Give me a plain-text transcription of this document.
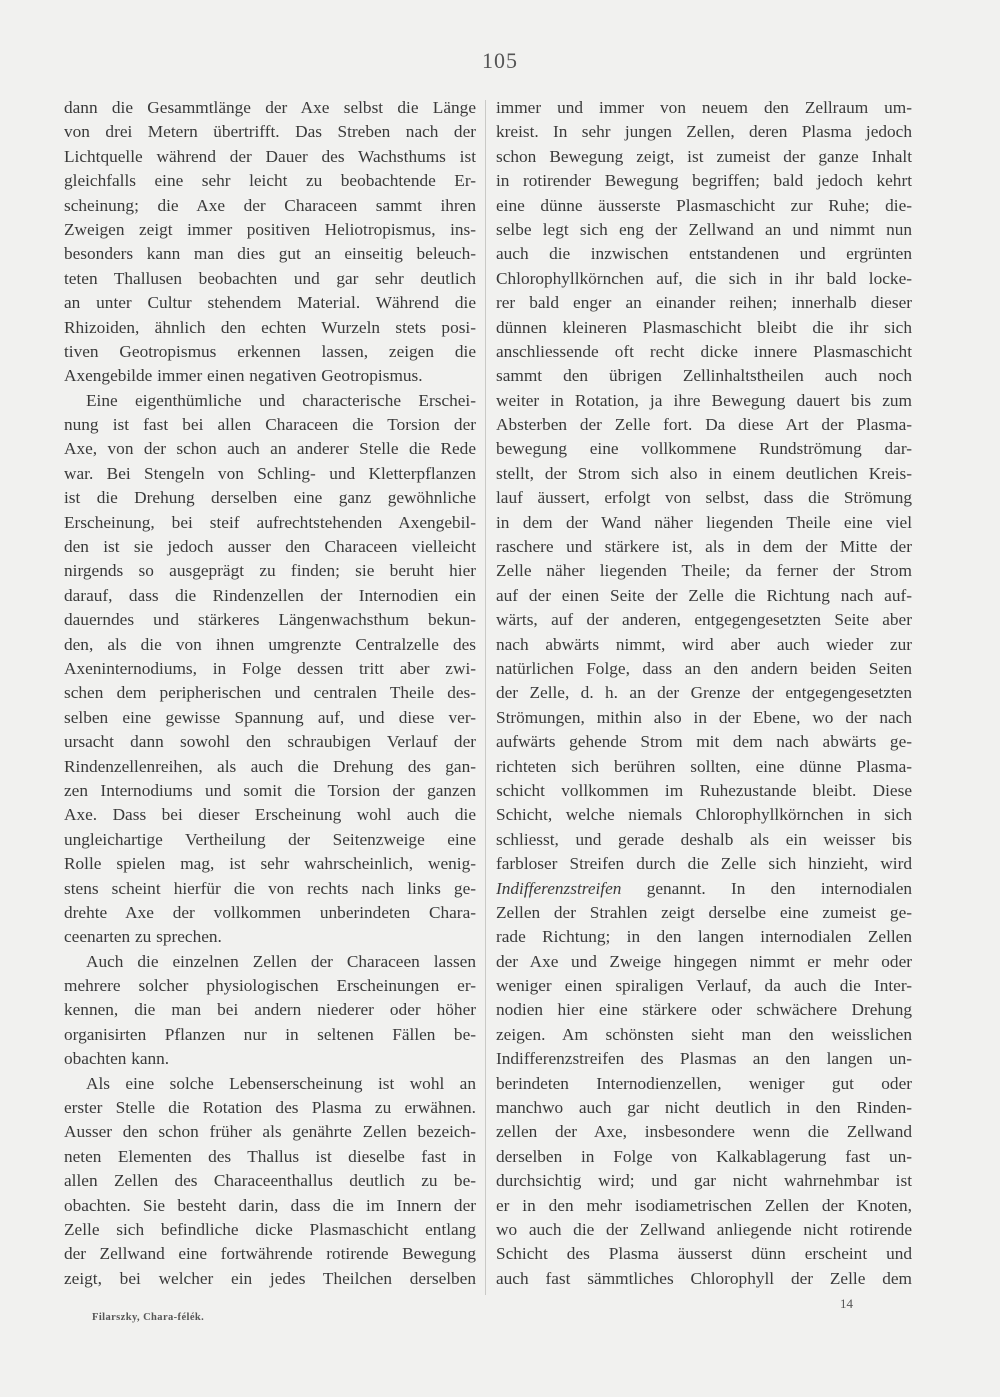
105
dann die Gesammtlänge der Axe selbst die Länge
von drei Metern übertrifft. Das Streben nach der
Lichtquelle während der Dauer des Wachsthums ist
gleichfalls eine sehr leicht zu beobachtende Er-
scheinung; die Axe der Characeen sammt ihren
Zweigen zeigt immer positiven Heliotropismus, ins-
besonders kann man dies gut an einseitig beleuch-
teten Thallusen beobachten und gar sehr deutlich
an unter Cultur stehendem Material. Während die
Rhizoiden, ähnlich den echten Wurzeln stets posi-
tiven Geotropismus erkennen lassen, zeigen die
Axengebilde immer einen negativen Geotropismus.
Eine eigenthümliche und characterische Erschei-
nung ist fast bei allen Characeen die Torsion der
Axe, von der schon auch an anderer Stelle die Rede
war. Bei Stengeln von Schling- und Kletterpflanzen
ist die Drehung derselben eine ganz gewöhnliche
Erscheinung, bei steif aufrechtstehenden Axengebil-
den ist sie jedoch ausser den Characeen vielleicht
nirgends so ausgeprägt zu finden; sie beruht hier
darauf, dass die Rindenzellen der Internodien ein
dauerndes und stärkeres Längenwachsthum bekun-
den, als die von ihnen umgrenzte Centralzelle des
Axeninternodiums, in Folge dessen tritt aber zwi-
schen dem peripherischen und centralen Theile des-
selben eine gewisse Spannung auf, und diese ver-
ursacht dann sowohl den schraubigen Verlauf der
Rindenzellenreihen, als auch die Drehung des gan-
zen Internodiums und somit die Torsion der ganzen
Axe. Dass bei dieser Erscheinung wohl auch die
ungleichartige Vertheilung der Seitenzweige eine
Rolle spielen mag, ist sehr wahrscheinlich, wenig-
stens scheint hierfür die von rechts nach links ge-
drehte Axe der vollkommen unberindeten Chara-
ceenarten zu sprechen.
Auch die einzelnen Zellen der Characeen lassen
mehrere solcher physiologischen Erscheinungen er-
kennen, die man bei andern niederer oder höher
organisirten Pflanzen nur in seltenen Fällen be-
obachten kann.
Als eine solche Lebenserscheinung ist wohl an
erster Stelle die Rotation des Plasma zu erwähnen.
Ausser den schon früher als genährte Zellen bezeich-
neten Elementen des Thallus ist dieselbe fast in
allen Zellen des Characeenthallus deutlich zu be-
obachten. Sie besteht darin, dass die im Innern der
Zelle sich befindliche dicke Plasmaschicht entlang
der Zellwand eine fortwährende rotirende Bewegung
zeigt, bei welcher ein jedes Theilchen derselben
immer und immer von neuem den Zellraum um-
kreist. In sehr jungen Zellen, deren Plasma jedoch
schon Bewegung zeigt, ist zumeist der ganze Inhalt
in rotirender Bewegung begriffen; bald jedoch kehrt
eine dünne äusserste Plasmaschicht zur Ruhe; die-
selbe legt sich eng der Zellwand an und nimmt nun
auch die inzwischen entstandenen und ergrünten
Chlorophyllkörnchen auf, die sich in ihr bald locke-
rer bald enger an einander reihen; innerhalb dieser
dünnen kleineren Plasmaschicht bleibt die ihr sich
anschliessende oft recht dicke innere Plasmaschicht
sammt den übrigen Zellinhaltstheilen auch noch
weiter in Rotation, ja ihre Bewegung dauert bis zum
Absterben der Zelle fort. Da diese Art der Plasma-
bewegung eine vollkommene Rundströmung dar-
stellt, der Strom sich also in einem deutlichen Kreis-
lauf äussert, erfolgt von selbst, dass die Strömung
in dem der Wand näher liegenden Theile eine viel
raschere und stärkere ist, als in dem der Mitte der
Zelle näher liegenden Theile; da ferner der Strom
auf der einen Seite der Zelle die Richtung nach auf-
wärts, auf der anderen, entgegengesetzten Seite aber
nach abwärts nimmt, wird aber auch wieder zur
natürlichen Folge, dass an den andern beiden Seiten
der Zelle, d. h. an der Grenze der entgegengesetzten
Strömungen, mithin also in der Ebene, wo der nach
aufwärts gehende Strom mit dem nach abwärts ge-
richteten sich berühren sollten, eine dünne Plasma-
schicht vollkommen im Ruhezustande bleibt. Diese
Schicht, welche niemals Chlorophyllkörnchen in sich
schliesst, und gerade deshalb als ein weisser bis
farbloser Streifen durch die Zelle sich hinzieht, wird
Indifferenzstreifen genannt. In den internodialen
Zellen der Strahlen zeigt derselbe eine zumeist ge-
rade Richtung; in den langen internodialen Zellen
der Axe und Zweige hingegen nimmt er mehr oder
weniger einen spiraligen Verlauf, da auch die Inter-
nodien hier eine stärkere oder schwächere Drehung
zeigen. Am schönsten sieht man den weisslichen
Indifferenzstreifen des Plasmas an den langen un-
berindeten Internodienzellen, weniger gut oder
manchwo auch gar nicht deutlich in den Rinden-
zellen der Axe, insbesondere wenn die Zellwand
derselben in Folge von Kalkablagerung fast un-
durchsichtig wird; und gar nicht wahrnehmbar ist
er in den mehr isodiametrischen Zellen der Knoten,
wo auch die der Zellwand anliegende nicht rotirende
Schicht des Plasma äusserst dünn erscheint und
auch fast sämmtliches Chlorophyll der Zelle dem
Filarszky, Chara-félék.
14
